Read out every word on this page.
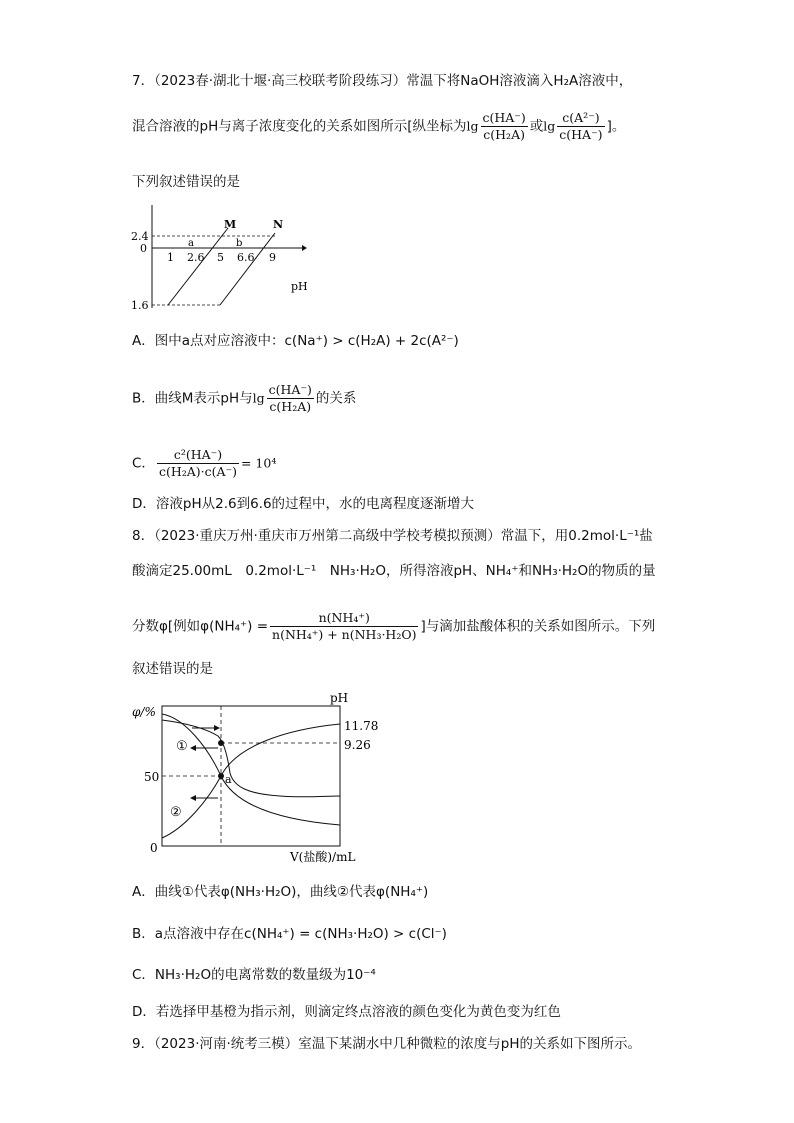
7．（2023春·湖北十堰·高三校联考阶段练习）常温下将NaOH溶液滴入H₂A溶液中，
混合溶液的pH与离子浓度变化的关系如图所示[纵坐标为$\lg \frac{c(HA^-)}{\text{c(H₂A)}}$ 或$\lg \frac{\text{c(A²⁻)}}{c(HA^-)}$ ]。
下列叙述错误的是
M	N
2.4
0
1.6
a	b
1 2.6 5 6.6 9
pH
A．图中a点对应溶液中：c(Na⁺) > c(H₂A) + 2c(A²⁻)
B．曲线M表示pH与$\lg \frac{c(HA^-)}{\text{c(H₂A)}}$ 的关系
C． $\frac{\text{c²(HA⁻)}}{\text{c(H₂A)·c(A⁻)}} = 10^4$
D．溶液pH从2.6到6.6的过程中，水的电离程度逐渐增大
8．（2023·重庆万州·重庆市万州第二高级中学校考模拟预测）常温下，用0.2mol·L⁻¹盐
酸滴定25.00mL　0.2mol·L⁻¹　NH₃·H₂O，所得溶液pH、NH₄⁺和NH₃·H₂O的物质的量
分数φ[例如$\varphi(NH_4^+) = \frac{\text{n(NH₄⁺)}}{\text{n(NH₄⁺) + n(NH₃·H₂O)}}$ ]与滴加盐酸体积的关系如图所示。下列
叙述错误的是
φ/%
pH
11.78
9.26
50
0
①
②
a
V(盐酸)/mL
A．曲线①代表φ(NH₃·H₂O)，曲线②代表φ(NH₄⁺)
B．a点溶液中存在c(NH₄⁺) = c(NH₃·H₂O) > c(Cl⁻)
C．NH₃·H₂O的电离常数的数量级为10⁻⁴
D．若选择甲基橙为指示剂，则滴定终点溶液的颜色变化为黄色变为红色
9．（2023·河南·统考三模）室温下某湖水中几种微粒的浓度与pH的关系如下图所示。
